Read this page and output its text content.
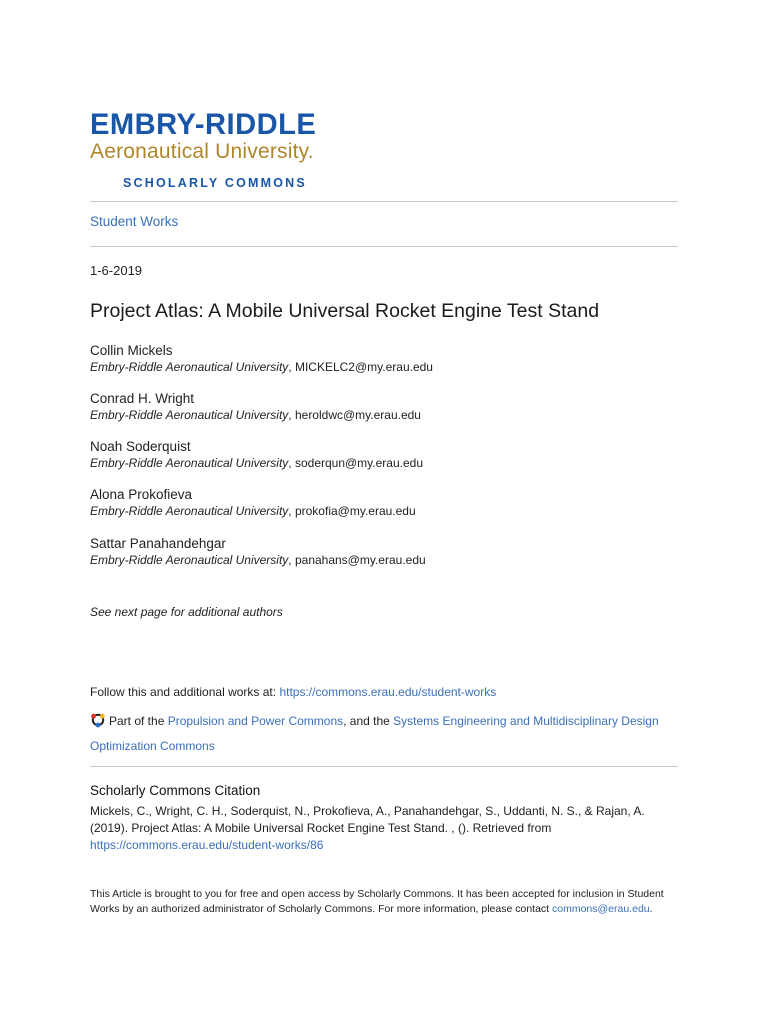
EMBRY-RIDDLE
Aeronautical University.
SCHOLARLY COMMONS
Student Works
1-6-2019
Project Atlas: A Mobile Universal Rocket Engine Test Stand
Collin Mickels
Embry-Riddle Aeronautical University, MICKELC2@my.erau.edu
Conrad H. Wright
Embry-Riddle Aeronautical University, heroldwc@my.erau.edu
Noah Soderquist
Embry-Riddle Aeronautical University, soderqun@my.erau.edu
Alona Prokofieva
Embry-Riddle Aeronautical University, prokofia@my.erau.edu
Sattar Panahandehgar
Embry-Riddle Aeronautical University, panahans@my.erau.edu
See next page for additional authors
Follow this and additional works at: https://commons.erau.edu/student-works
Part of the Propulsion and Power Commons, and the Systems Engineering and Multidisciplinary Design Optimization Commons
Scholarly Commons Citation
Mickels, C., Wright, C. H., Soderquist, N., Prokofieva, A., Panahandehgar, S., Uddanti, N. S., & Rajan, A. (2019). Project Atlas: A Mobile Universal Rocket Engine Test Stand. , (). Retrieved from https://commons.erau.edu/student-works/86
This Article is brought to you for free and open access by Scholarly Commons. It has been accepted for inclusion in Student Works by an authorized administrator of Scholarly Commons. For more information, please contact commons@erau.edu.
